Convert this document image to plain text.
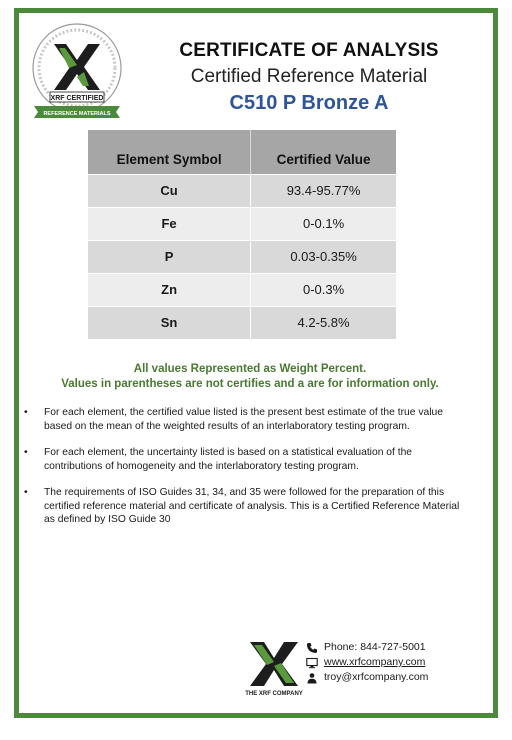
XRF CERTIFIED
REFERENCE MATERIALS
CERTIFICATE OF ANALYSIS
Certified Reference Material
C510 P Bronze A
Element Symbol	Certified Value
Cu	93.4-95.77%
Fe	0-0.1%
P	0.03-0.35%
Zn	0-0.3%
Sn	4.2-5.8%
All values Represented as Weight Percent.
Values in parentheses are not certifies and a are for information only.
• For each element, the certified value listed is the present best estimate of the true value based on the mean of the weighted results of an interlaboratory testing program.
• For each element, the uncertainty listed is based on a statistical evaluation of the contributions of homogeneity and the interlaboratory testing program.
• The requirements of ISO Guides 31, 34, and 35 were followed for the preparation of this certified reference material and certificate of analysis. This is a Certified Reference Material as defined by ISO Guide 30
THE XRF COMPANY
Phone: 844-727-5001
www.xrfcompany.com
troy@xrfcompany.com
